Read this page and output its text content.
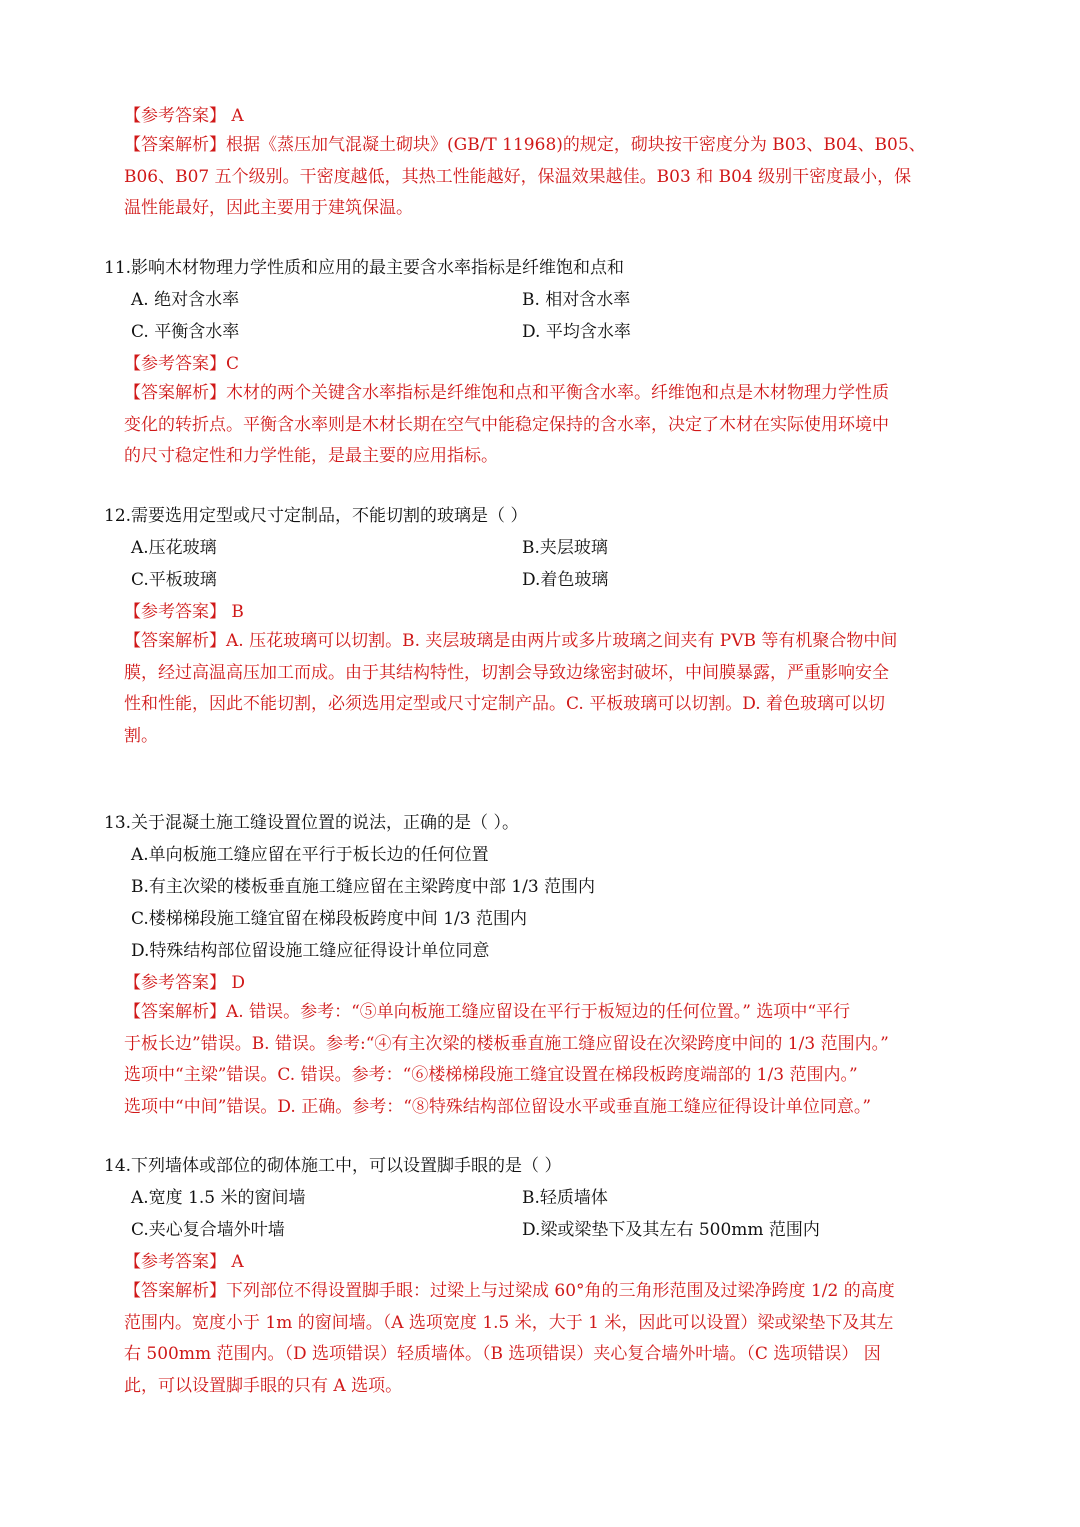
【参考答案】 A
【答案解析】根据《蒸压加气混凝土砌块》(GB/T 11968)的规定，砌块按干密度分为 B03、B04、B05、
B06、B07 五个级别。干密度越低，其热工性能越好，保温效果越佳。B03 和 B04 级别干密度最小，保
温性能最好，因此主要用于建筑保温。
11.影响木材物理力学性质和应用的最主要含水率指标是纤维饱和点和
A. 绝对含水率	B. 相对含水率
C. 平衡含水率	D. 平均含水率
【参考答案】C
【答案解析】木材的两个关键含水率指标是纤维饱和点和平衡含水率。纤维饱和点是木材物理力学性质
变化的转折点。平衡含水率则是木材长期在空气中能稳定保持的含水率，决定了木材在实际使用环境中
的尺寸稳定性和力学性能，是最主要的应用指标。
12.需要选用定型或尺寸定制品，不能切割的玻璃是（ ）
A.压花玻璃	B.夹层玻璃
C.平板玻璃	D.着色玻璃
【参考答案】 B
【答案解析】A. 压花玻璃可以切割。B. 夹层玻璃是由两片或多片玻璃之间夹有 PVB 等有机聚合物中间
膜，经过高温高压加工而成。由于其结构特性，切割会导致边缘密封破坏，中间膜暴露，严重影响安全
性和性能，因此不能切割，必须选用定型或尺寸定制产品。C. 平板玻璃可以切割。D. 着色玻璃可以切
割。
13.关于混凝土施工缝设置位置的说法，正确的是（ ）。
A.单向板施工缝应留在平行于板长边的任何位置
B.有主次梁的楼板垂直施工缝应留在主梁跨度中部 1/3 范围内
C.楼梯梯段施工缝宜留在梯段板跨度中间 1/3 范围内
D.特殊结构部位留设施工缝应征得设计单位同意
【参考答案】 D
【答案解析】A. 错误。参考：“⑤单向板施工缝应留设在平行于板短边的任何位置。” 选项中“平行
于板长边”错误。B. 错误。参考:“④有主次梁的楼板垂直施工缝应留设在次梁跨度中间的 1/3 范围内。”
选项中“主梁”错误。C. 错误。参考：“⑥楼梯梯段施工缝宜设置在梯段板跨度端部的 1/3 范围内。”
选项中“中间”错误。D. 正确。参考：“⑧特殊结构部位留设水平或垂直施工缝应征得设计单位同意。”
14.下列墙体或部位的砌体施工中，可以设置脚手眼的是（ ）
A.宽度 1.5 米的窗间墙	B.轻质墙体
C.夹心复合墙外叶墙	D.梁或梁垫下及其左右 500mm 范围内
【参考答案】 A
【答案解析】下列部位不得设置脚手眼：过梁上与过梁成 60°角的三角形范围及过梁净跨度 1/2 的高度
范围内。宽度小于 1m 的窗间墙。（A 选项宽度 1.5 米，大于 1 米，因此可以设置）梁或梁垫下及其左
右 500mm 范围内。（D 选项错误）轻质墙体。（B 选项错误）夹心复合墙外叶墙。（C 选项错误） 因
此，可以设置脚手眼的只有 A 选项。
